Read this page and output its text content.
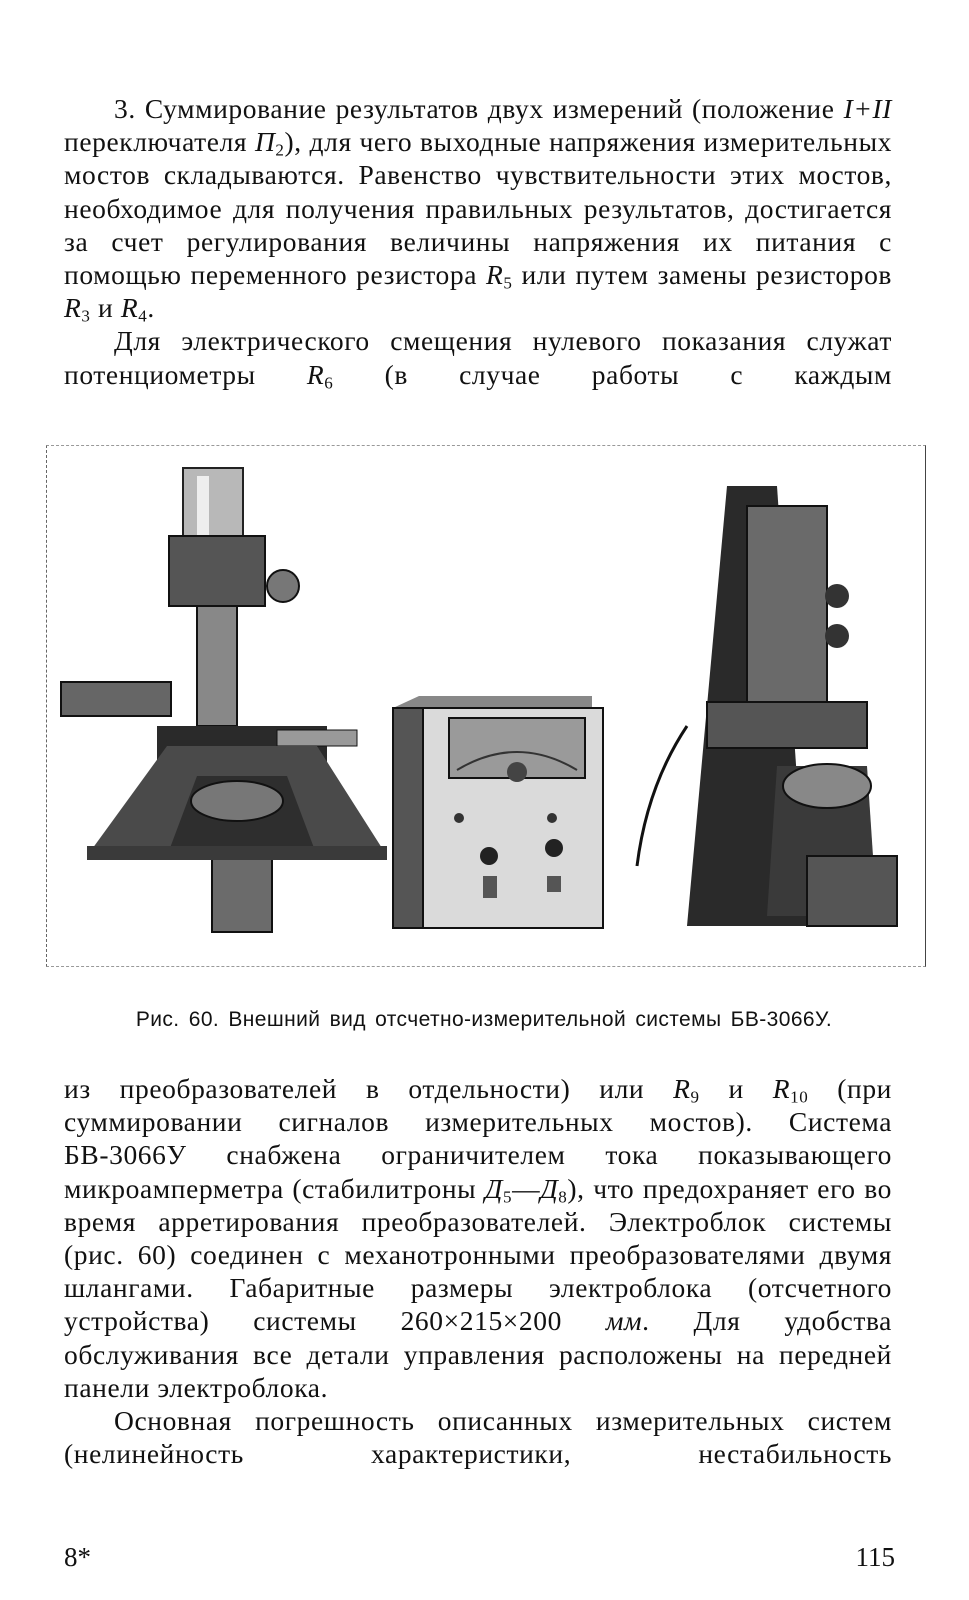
3. Суммирование результатов двух измерений (положение I+II переключателя $П_2$), для чего выходные напряжения измерительных мостов складываются. Равенство чувствительности этих мостов, необходимое для получения правильных результатов, достигается за счет регулирования величины напряжения их питания с помощью переменного резистора $R_5$ или путем замены резисторов $R_3$ и $R_4$.

Для электрического смещения нулевого показания служат потенциометры $R_6$ (в случае работы с каждым

Рис. 60. Внешний вид отсчетно-измерительной системы БВ-3066У.

из преобразователей в отдельности) или $R_9$ и $R_{10}$ (при суммировании сигналов измерительных мостов). Система БВ-3066У снабжена ограничителем тока показывающего микроамперметра (стабилитроны $Д_5—Д_8$), что предохраняет его во время арретирования преобразователей. Электроблок системы (рис. 60) соединен с механотронными преобразователями двумя шлангами. Габаритные размеры электроблока (отсчетного устройства) системы 260×215×200 мм. Для удобства обслуживания все детали управления расположены на передней панели электроблока.

Основная погрешность описанных измерительных систем (нелинейность характеристики, нестабильность

8*	115
